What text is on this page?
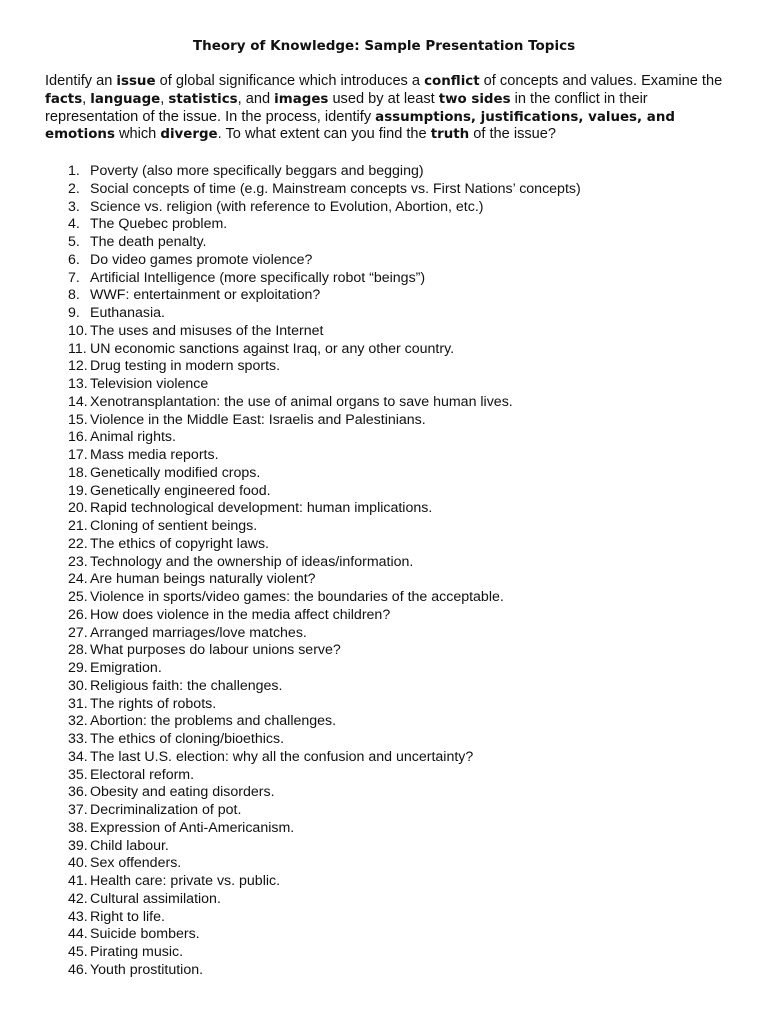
Theory of Knowledge: Sample Presentation Topics
Identify an issue of global significance which introduces a conflict of concepts and values. Examine the facts, language, statistics, and images used by at least two sides in the conflict in their representation of the issue. In the process, identify assumptions, justifications, values, and emotions which diverge. To what extent can you find the truth of the issue?
1. Poverty (also more specifically beggars and begging)
2. Social concepts of time (e.g. Mainstream concepts vs. First Nations’ concepts)
3. Science vs. religion (with reference to Evolution, Abortion, etc.)
4. The Quebec problem.
5. The death penalty.
6. Do video games promote violence?
7. Artificial Intelligence (more specifically robot “beings”)
8. WWF: entertainment or exploitation?
9. Euthanasia.
10. The uses and misuses of the Internet
11. UN economic sanctions against Iraq, or any other country.
12. Drug testing in modern sports.
13. Television violence
14. Xenotransplantation: the use of animal organs to save human lives.
15. Violence in the Middle East: Israelis and Palestinians.
16. Animal rights.
17. Mass media reports.
18. Genetically modified crops.
19. Genetically engineered food.
20. Rapid technological development: human implications.
21. Cloning of sentient beings.
22. The ethics of copyright laws.
23. Technology and the ownership of ideas/information.
24. Are human beings naturally violent?
25. Violence in sports/video games: the boundaries of the acceptable.
26. How does violence in the media affect children?
27. Arranged marriages/love matches.
28. What purposes do labour unions serve?
29. Emigration.
30. Religious faith: the challenges.
31. The rights of robots.
32. Abortion: the problems and challenges.
33. The ethics of cloning/bioethics.
34. The last U.S. election: why all the confusion and uncertainty?
35. Electoral reform.
36. Obesity and eating disorders.
37. Decriminalization of pot.
38. Expression of Anti-Americanism.
39. Child labour.
40. Sex offenders.
41. Health care: private vs. public.
42. Cultural assimilation.
43. Right to life.
44. Suicide bombers.
45. Pirating music.
46. Youth prostitution.
